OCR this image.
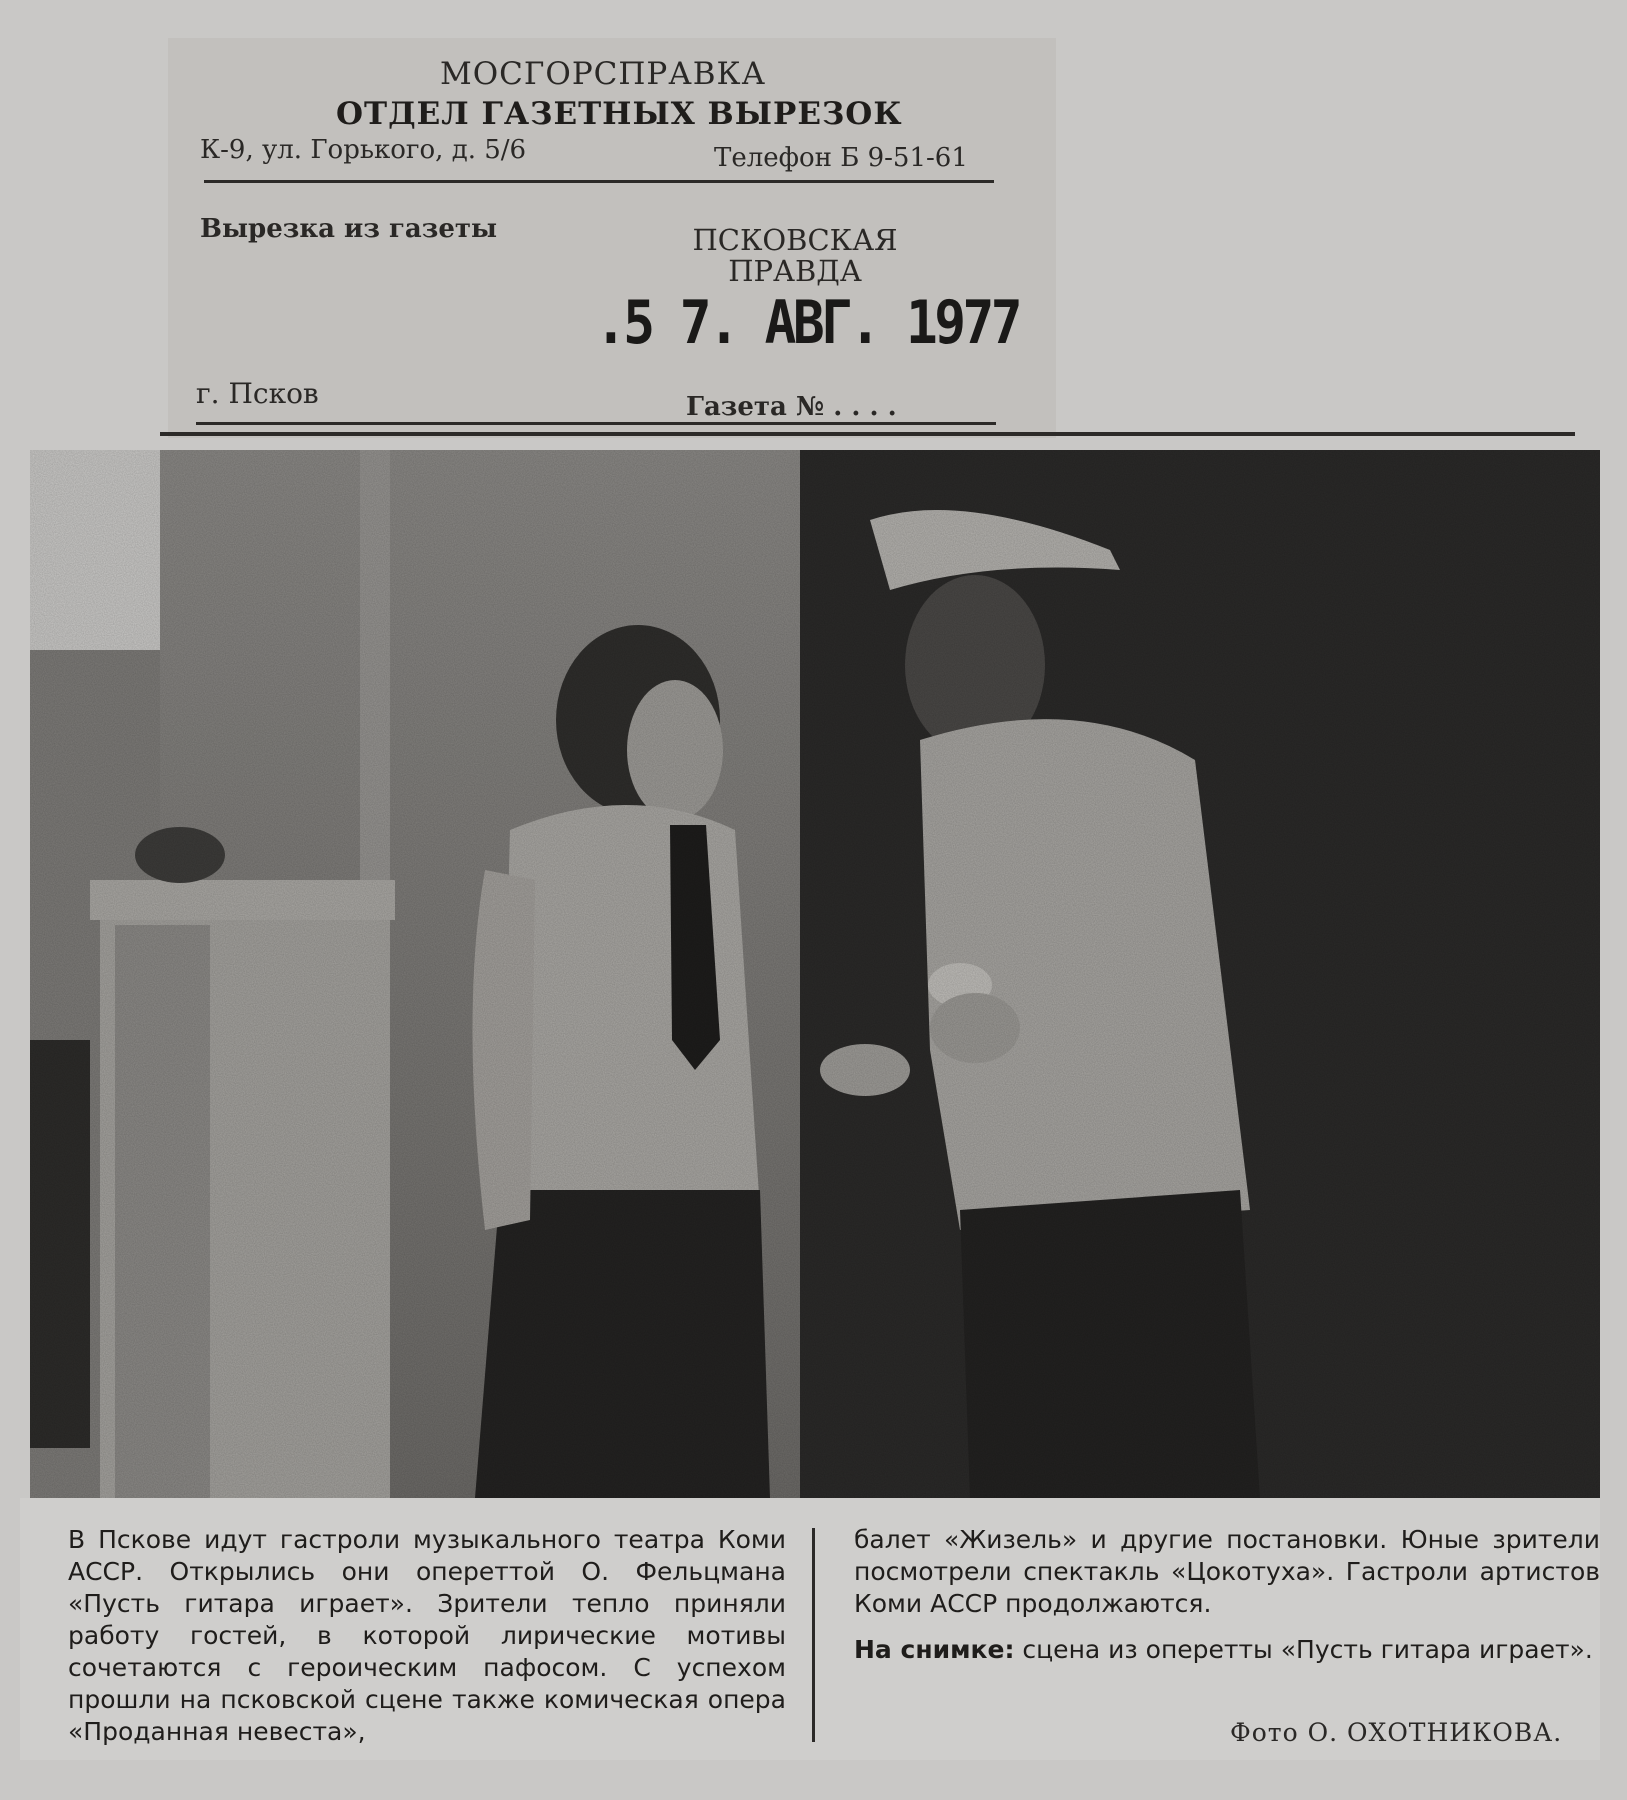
МОСГОРСПРАВКА
ОТДЕЛ ГАЗЕТНЫХ ВЫРЕЗОК
К-9, ул. Горького, д. 5/6	Телефон Б 9-51-61
Вырезка из газеты	ПСКОВСКАЯ
ПРАВДА
.5 7. АВГ. 1977
г. Псков	Газета № . . . .
В Пскове идут гастроли музыкального театра Коми АССР. Открылись они опереттой О. Фельцмана «Пусть гитара играет». Зрители тепло приняли работу гостей, в которой лирические мотивы сочетаются с героическим пафосом. С успехом прошли на псковской сцене также комическая опера «Проданная невеста»,
балет «Жизель» и другие постановки. Юные зрители посмотрели спектакль «Цокотуха». Гастроли артистов Коми АССР продолжаются.
На снимке: сцена из оперетты «Пусть гитара играет».
Фото О. ОХОТНИКОВА.
